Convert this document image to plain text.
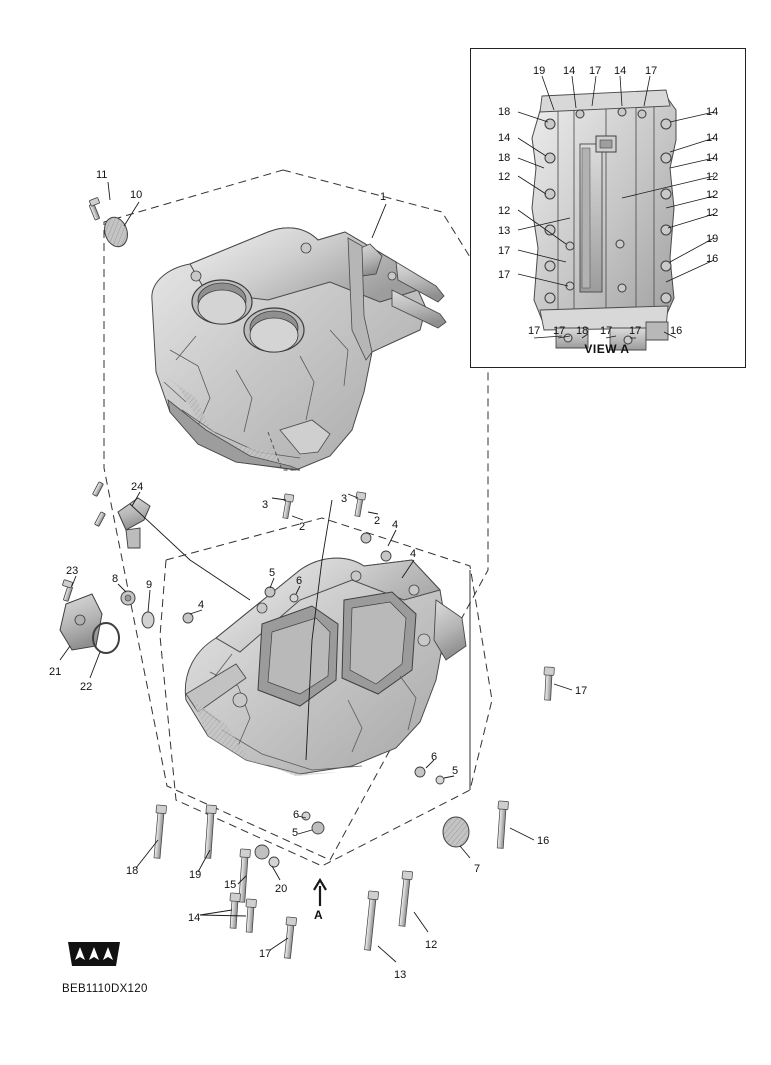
VIEW A
A
BEB1110DX120
11
10	1
3	3
2	2 4
4
24
23
8	9
5
6
4
21
22	17
6
5
6
5
16
7
18	19
15	20
14
17
13
12
19 14 17 14 17
18	14
14	14
18	14
12	12
12
12	12
13
19
17
16
17
17 17 18 17 17	16
